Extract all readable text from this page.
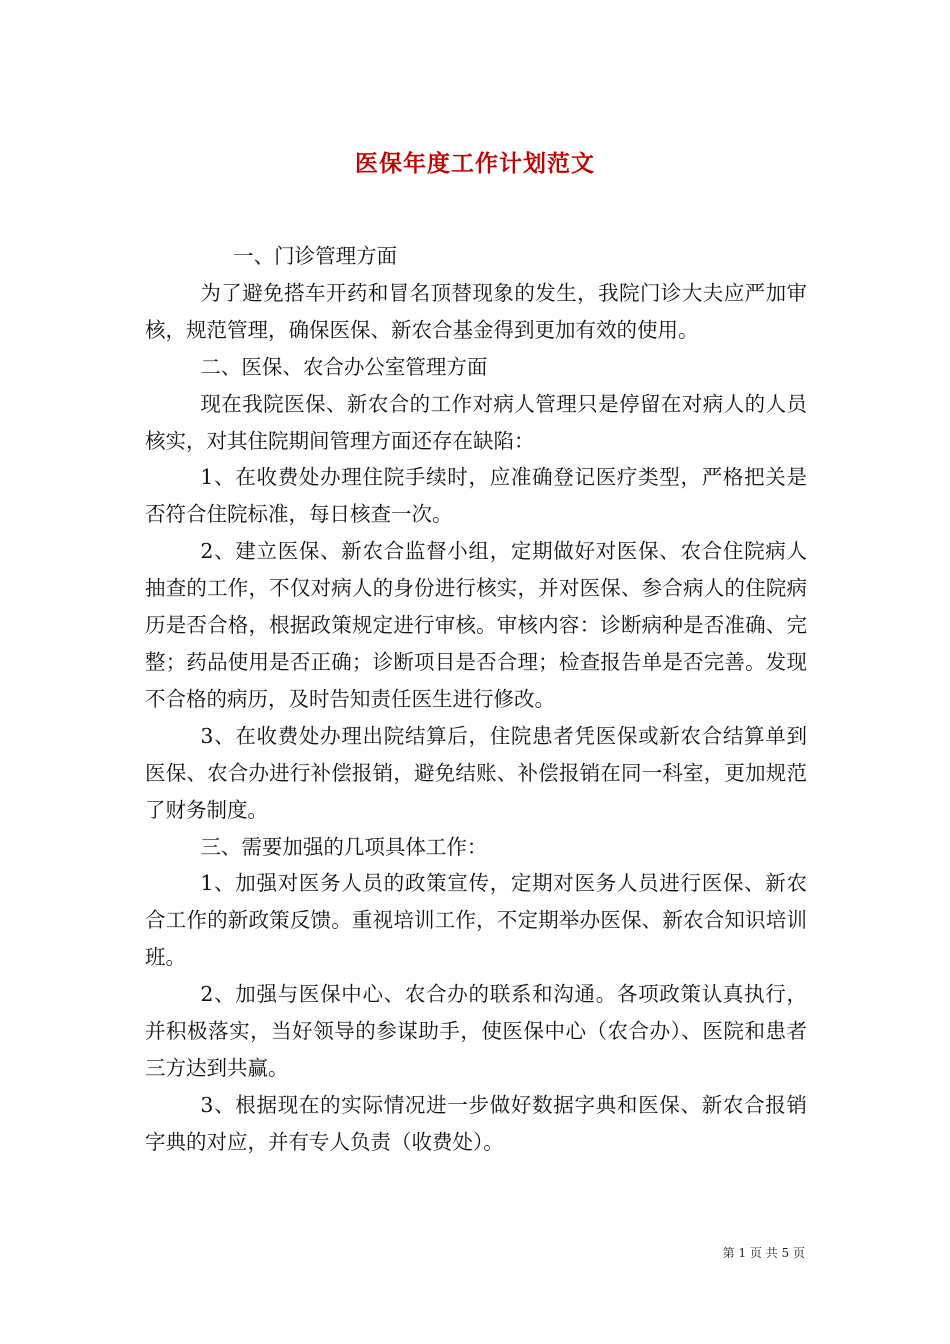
医保年度工作计划范文

一、门诊管理方面

为了避免搭车开药和冒名顶替现象的发生，我院门诊大夫应严加审核，规范管理，确保医保、新农合基金得到更加有效的使用。

二、医保、农合办公室管理方面

现在我院医保、新农合的工作对病人管理只是停留在对病人的人员核实，对其住院期间管理方面还存在缺陷：

1、在收费处办理住院手续时，应准确登记医疗类型，严格把关是否符合住院标准，每日核查一次。

2、建立医保、新农合监督小组，定期做好对医保、农合住院病人抽查的工作，不仅对病人的身份进行核实，并对医保、参合病人的住院病历是否合格，根据政策规定进行审核。审核内容：诊断病种是否准确、完整；药品使用是否正确；诊断项目是否合理；检查报告单是否完善。发现不合格的病历，及时告知责任医生进行修改。

3、在收费处办理出院结算后，住院患者凭医保或新农合结算单到医保、农合办进行补偿报销，避免结账、补偿报销在同一科室，更加规范了财务制度。

三、需要加强的几项具体工作：

1、加强对医务人员的政策宣传，定期对医务人员进行医保、新农合工作的新政策反馈。重视培训工作，不定期举办医保、新农合知识培训班。

2、加强与医保中心、农合办的联系和沟通。各项政策认真执行，并积极落实，当好领导的参谋助手，使医保中心（农合办）、医院和患者三方达到共赢。

3、根据现在的实际情况进一步做好数据字典和医保、新农合报销字典的对应，并有专人负责（收费处）。

第 1 页 共 5 页
